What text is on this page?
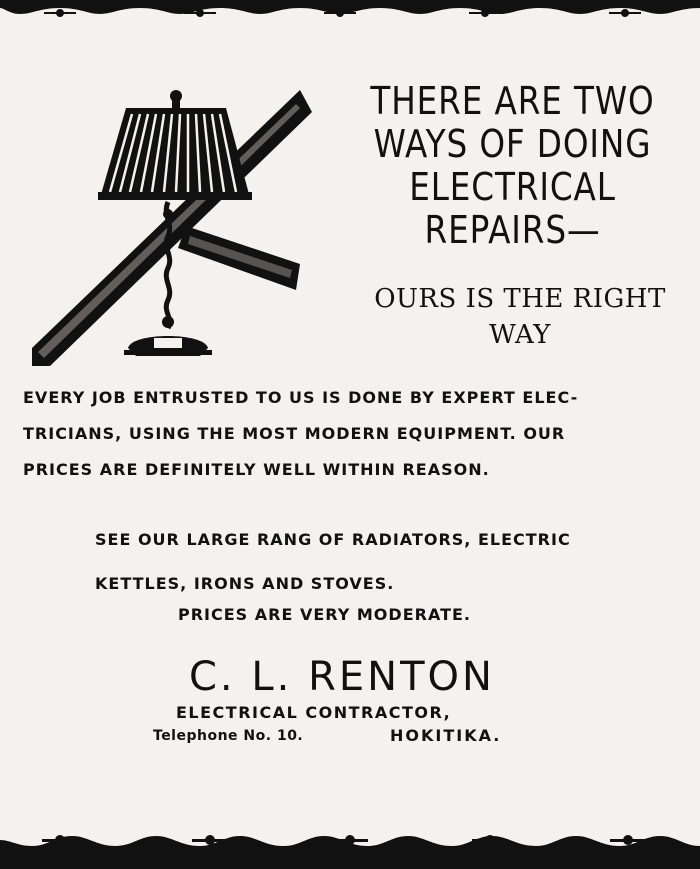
THERE ARE TWO
WAYS OF DOING
ELECTRICAL
REPAIRS—
OURS IS THE RIGHT
WAY
EVERY JOB ENTRUSTED TO US IS DONE BY EXPERT ELEC-
TRICIANS, USING THE MOST MODERN EQUIPMENT. OUR
PRICES ARE DEFINITELY WELL WITHIN REASON.
SEE OUR LARGE RANG OF RADIATORS, ELECTRIC
KETTLES, IRONS AND STOVES.
PRICES ARE VERY MODERATE.
C. L. RENTON
ELECTRICAL CONTRACTOR,
Telephone No. 10.	HOKITIKA.
